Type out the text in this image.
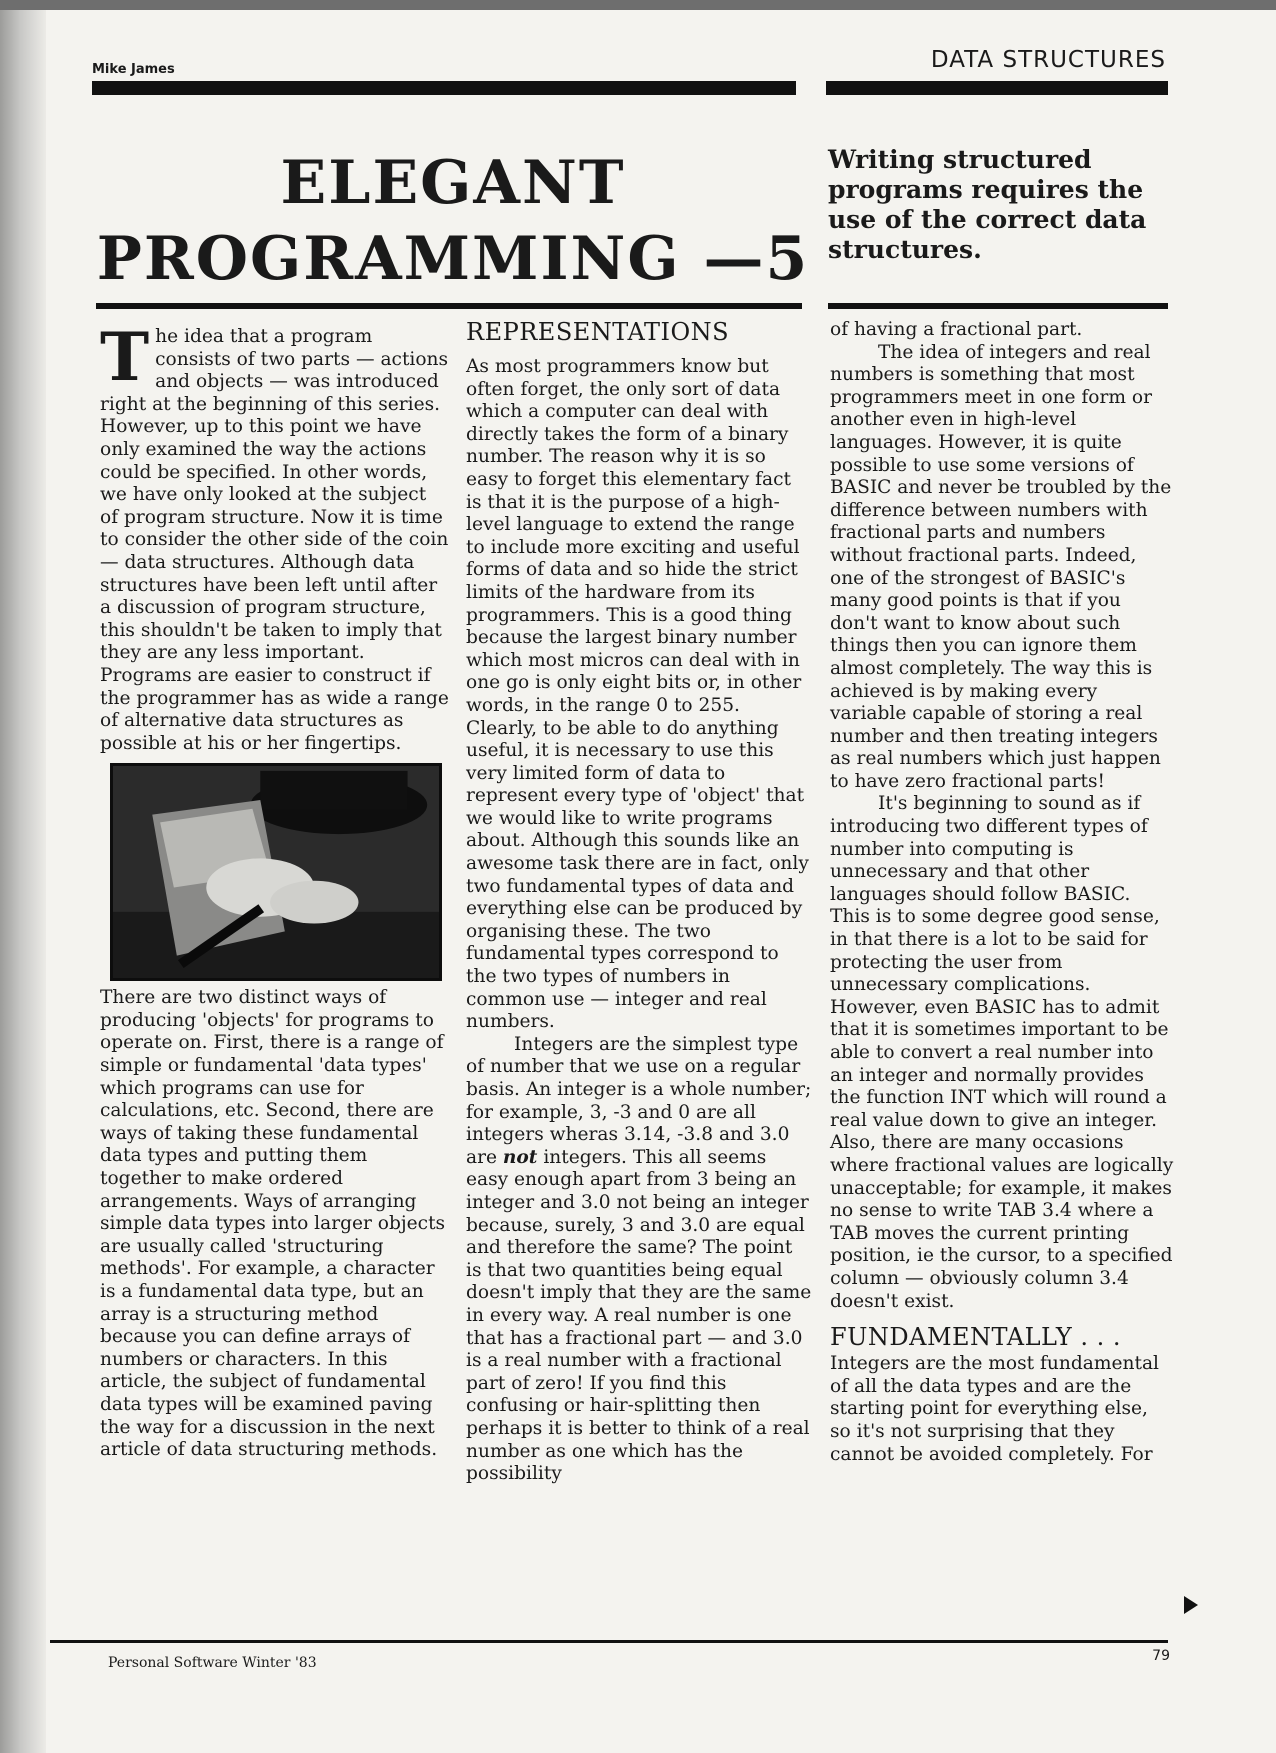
Mike James	DATA STRUCTURES
ELEGANT PROGRAMMING —5
Writing structured programs requires the use of the correct data structures.

The idea that a program consists of two parts — actions and objects — was introduced right at the beginning of this series. However, up to this point we have only examined the way the actions could be specified. In other words, we have only looked at the subject of program structure. Now it is time to consider the other side of the coin — data structures. Although data structures have been left until after a discussion of program structure, this shouldn't be taken to imply that they are any less important. Programs are easier to construct if the programmer has as wide a range of alternative data structures as possible at his or her fingertips.

There are two distinct ways of producing 'objects' for programs to operate on. First, there is a range of simple or fundamental 'data types' which programs can use for calculations, etc. Second, there are ways of taking these fundamental data types and putting them together to make ordered arrangements. Ways of arranging simple data types into larger objects are usually called 'structuring methods'. For example, a character is a fundamental data type, but an array is a structuring method because you can define arrays of numbers or characters. In this article, the subject of fundamental data types will be examined paving the way for a discussion in the next article of data structuring methods.

REPRESENTATIONS

As most programmers know but often forget, the only sort of data which a computer can deal with directly takes the form of a binary number. The reason why it is so easy to forget this elementary fact is that it is the purpose of a high-level language to extend the range to include more exciting and useful forms of data and so hide the strict limits of the hardware from its programmers. This is a good thing because the largest binary number which most micros can deal with in one go is only eight bits or, in other words, in the range 0 to 255. Clearly, to be able to do anything useful, it is necessary to use this very limited form of data to represent every type of 'object' that we would like to write programs about. Although this sounds like an awesome task there are in fact, only two fundamental types of data and everything else can be produced by organising these. The two fundamental types correspond to the two types of numbers in common use — integer and real numbers.

Integers are the simplest type of number that we use on a regular basis. An integer is a whole number; for example, 3, -3 and 0 are all integers wheras 3.14, -3.8 and 3.0 are not integers. This all seems easy enough apart from 3 being an integer and 3.0 not being an integer because, surely, 3 and 3.0 are equal and therefore the same? The point is that two quantities being equal doesn't imply that they are the same in every way. A real number is one that has a fractional part — and 3.0 is a real number with a fractional part of zero! If you find this confusing or hair-splitting then perhaps it is better to think of a real number as one which has the possibility

of having a fractional part.

The idea of integers and real numbers is something that most programmers meet in one form or another even in high-level languages. However, it is quite possible to use some versions of BASIC and never be troubled by the difference between numbers with fractional parts and numbers without fractional parts. Indeed, one of the strongest of BASIC's many good points is that if you don't want to know about such things then you can ignore them almost completely. The way this is achieved is by making every variable capable of storing a real number and then treating integers as real numbers which just happen to have zero fractional parts!

It's beginning to sound as if introducing two different types of number into computing is unnecessary and that other languages should follow BASIC. This is to some degree good sense, in that there is a lot to be said for protecting the user from unnecessary complications. However, even BASIC has to admit that it is sometimes important to be able to convert a real number into an integer and normally provides the function INT which will round a real value down to give an integer. Also, there are many occasions where fractional values are logically unacceptable; for example, it makes no sense to write TAB 3.4 where a TAB moves the current printing position, ie the cursor, to a specified column — obviously column 3.4 doesn't exist.

FUNDAMENTALLY . . .

Integers are the most fundamental of all the data types and are the starting point for everything else, so it's not surprising that they cannot be avoided completely. For

Personal Software Winter '83	79
